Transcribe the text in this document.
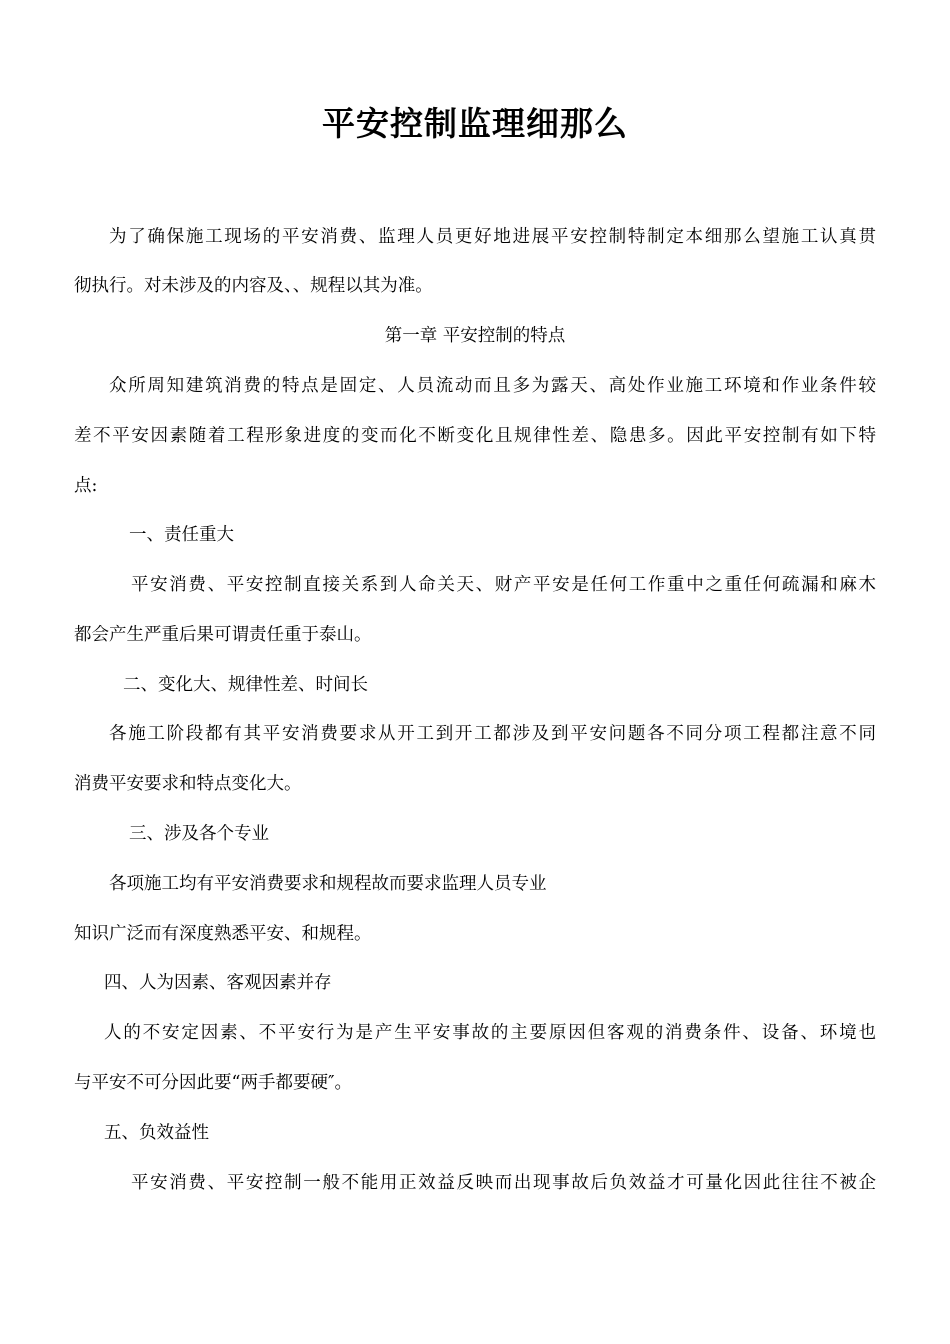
平安控制监理细那么
为了确保施工现场的平安消费、监理人员更好地进展平安控制特制定本细那么望施工认真贯
彻执行。对未涉及的内容及、、规程以其为准。
第一章 平安控制的特点
众所周知建筑消费的特点是固定、人员流动而且多为露天、高处作业施工环境和作业条件较
差不平安因素随着工程形象进度的变而化不断变化且规律性差、隐患多。因此平安控制有如下特
点:
一、责任重大
平安消费、平安控制直接关系到人命关天、财产平安是任何工作重中之重任何疏漏和麻木
都会产生严重后果可谓责任重于泰山。
二、变化大、规律性差、时间长
各施工阶段都有其平安消费要求从开工到开工都涉及到平安问题各不同分项工程都注意不同
消费平安要求和特点变化大。
三、涉及各个专业
各项施工均有平安消费要求和规程故而要求监理人员专业
知识广泛而有深度熟悉平安、和规程。
四、人为因素、客观因素并存
人的不安定因素、不平安行为是产生平安事故的主要原因但客观的消费条件、设备、环境也
与平安不可分因此要“两手都要硬″。
五、负效益性
平安消费、平安控制一般不能用正效益反映而出现事故后负效益才可量化因此往往不被企
